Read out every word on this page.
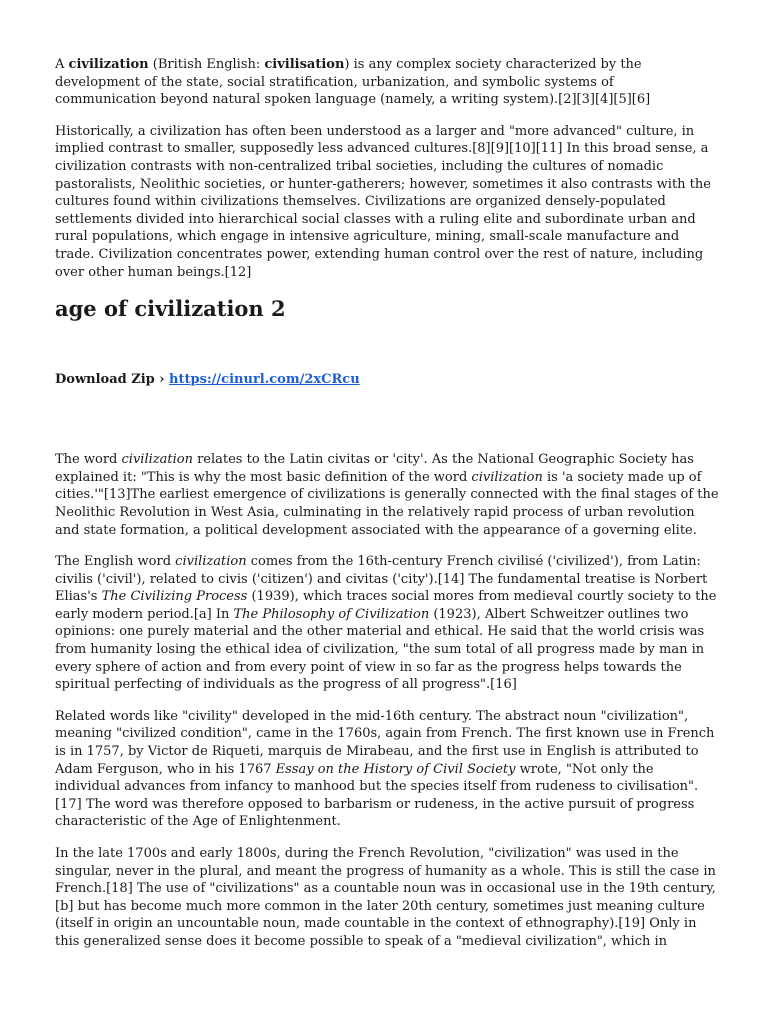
A civilization (British English: civilisation) is any complex society characterized by the development of the state, social stratification, urbanization, and symbolic systems of communication beyond natural spoken language (namely, a writing system).[2][3][4][5][6]

Historically, a civilization has often been understood as a larger and "more advanced" culture, in implied contrast to smaller, supposedly less advanced cultures.[8][9][10][11] In this broad sense, a civilization contrasts with non-centralized tribal societies, including the cultures of nomadic pastoralists, Neolithic societies, or hunter-gatherers; however, sometimes it also contrasts with the cultures found within civilizations themselves. Civilizations are organized densely-populated settlements divided into hierarchical social classes with a ruling elite and subordinate urban and rural populations, which engage in intensive agriculture, mining, small-scale manufacture and trade. Civilization concentrates power, extending human control over the rest of nature, including over other human beings.[12]

age of civilization 2
Download Zip › https://cinurl.com/2xCRcu

The word civilization relates to the Latin civitas or 'city'. As the National Geographic Society has explained it: "This is why the most basic definition of the word civilization is 'a society made up of cities.'"[13]The earliest emergence of civilizations is generally connected with the final stages of the Neolithic Revolution in West Asia, culminating in the relatively rapid process of urban revolution and state formation, a political development associated with the appearance of a governing elite.

The English word civilization comes from the 16th-century French civilisé ('civilized'), from Latin: civilis ('civil'), related to civis ('citizen') and civitas ('city').[14] The fundamental treatise is Norbert Elias's The Civilizing Process (1939), which traces social mores from medieval courtly society to the early modern period.[a] In The Philosophy of Civilization (1923), Albert Schweitzer outlines two opinions: one purely material and the other material and ethical. He said that the world crisis was from humanity losing the ethical idea of civilization, "the sum total of all progress made by man in every sphere of action and from every point of view in so far as the progress helps towards the spiritual perfecting of individuals as the progress of all progress".[16]

Related words like "civility" developed in the mid-16th century. The abstract noun "civilization", meaning "civilized condition", came in the 1760s, again from French. The first known use in French is in 1757, by Victor de Riqueti, marquis de Mirabeau, and the first use in English is attributed to Adam Ferguson, who in his 1767 Essay on the History of Civil Society wrote, "Not only the individual advances from infancy to manhood but the species itself from rudeness to civilisation".[17] The word was therefore opposed to barbarism or rudeness, in the active pursuit of progress characteristic of the Age of Enlightenment.

In the late 1700s and early 1800s, during the French Revolution, "civilization" was used in the singular, never in the plural, and meant the progress of humanity as a whole. This is still the case in French.[18] The use of "civilizations" as a countable noun was in occasional use in the 19th century,[b] but has become much more common in the later 20th century, sometimes just meaning culture (itself in origin an uncountable noun, made countable in the context of ethnography).[19] Only in this generalized sense does it become possible to speak of a "medieval civilization", which in
